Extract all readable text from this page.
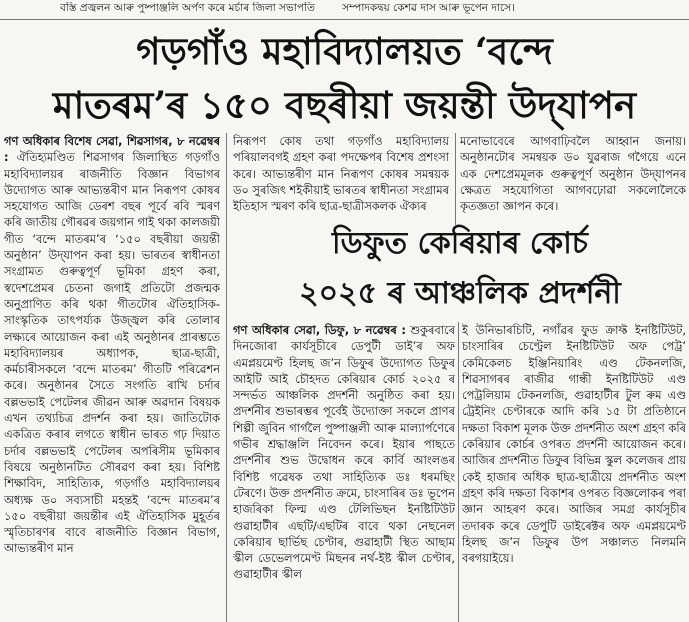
বস্তি প্ৰজ্বলন আৰু পুষ্পাঞ্জলি অৰ্পণ কৰে মৰ্চাৰ জিলা সভাপতি	সম্পাদকদ্বয় কেশৱ দাস আৰু ভূপেন দাসে।
গড়গাঁও মহাবিদ্যালয়ত ‘বন্দে
মাতৰম’ৰ ১৫০ বছৰীয়া জয়ন্তী উদ্‌যাপন

গণ অধিকাৰ বিশেষ সেৱা, শিৱসাগৰ, ৮ নৱেম্বৰ : ঐতিহ্যমণ্ডিত শিৱসাগৰ জিলাস্থিত গড়গাঁও মহাবিদ্যালয়ৰ ৰাজনীতি বিজ্ঞান বিভাগৰ উদ্যোগত আৰু আভ্যন্তৰীণ মান নিৰূপণ কোষৰ সহযোগত আজি ডেৰশ বছৰ পূৰ্বে ৰবি স্মৰণ কৰি জাতীয় গৌৰৱৰ জয়গান গাই থকা কালজয়ী গীত ‘বন্দে মাতৰম’ৰ ‘১৫০ বছৰীয়া জয়ন্তী অনুষ্ঠান’ উদ্‌যাপন কৰা হয়। ভাৰতৰ স্বাধীনতা সংগ্ৰামত গুৰুত্বপূৰ্ণ ভূমিকা গ্ৰহণ কৰা, স্বদেশপ্ৰেমৰ চেতনা জগাই প্ৰতিটো প্ৰজন্মক অনুপ্ৰাণিত কৰি থকা গীতটোৰ ঐতিহাসিক- সাংস্কৃতিক তাৎপৰ্য্যক উজ্জ্বল কৰি তোলাৰ লক্ষ্যৰে আয়োজন কৰা এই অনুষ্ঠানৰ প্ৰাৰম্ভতে মহাবিদ্যালয়ৰ অধ্যাপক, ছাত্ৰ-ছাত্ৰী, কৰ্মচাৰীসকলে ‘বন্দে মাতৰম’ গীতটি পৰিৱেশন কৰে। অনুষ্ঠানৰ সৈতে সংগতি ৰাখি চৰ্দাৰ বল্লভভাই পেটেলৰ জীৱন আৰু অৱদান বিষয়ক এখন তথ্যচিত্ৰ প্ৰদৰ্শন কৰা হয়। জাতিটোক একত্ৰিত কৰাৰ লগতে স্বাধীন ভাৰত গঢ় দিয়াত চৰ্দাৰ বল্লভভাই পেটেলৰ অপৰিসীম ভূমিকাৰ বিষয়ে অনুষ্ঠানটিত সৌৰৱণ কৰা হয়। বিশিষ্ট শিক্ষাবিদ, সাহিত্যিক, গড়গাঁও মহাবিদ্যালয়ৰ অধ্যক্ষ ড০ সব্যসাচী মহন্তই ‘বন্দে মাতৰম’ৰ ১৫০ বছৰীয়া জয়ন্তীৰ এই ঐতিহাসিক মুহূৰ্তৰ স্মৃতিচাৰণৰ বাবে ৰাজনীতি বিজ্ঞান বিভাগ, আভ্যন্তৰীণ মান

নিৰূপণ কোষ তথা গড়গাঁও মহাবিদ্যালয় পৰিয়ালবগই গ্ৰহণ কৰা পদক্ষেপৰ বিশেষ প্ৰশংসা কৰে। আভ্যন্তৰীণ মান নিৰূপণ কোষৰ সমন্বয়ক ড০ সুৰজিৎ শইকীয়াই ভাৰতৰ স্বাধীনতা সংগ্ৰামৰ ইতিহাস স্মৰণ কৰি ছাত্ৰ-ছাত্ৰীসকলক ঐক্যৰ

মনোভাবেৰে আগবাঢ়িবলৈ আহ্বান জনায়। অনুষ্ঠানটোৰ সমন্বয়ক ড০ যুৱৰাজ গগৈয়ে এনে এক দেশপ্ৰেমমূলক গুৰুত্বপূৰ্ণ অনুষ্ঠান উদ্‌যাপনৰ ক্ষেত্ৰত সহযোগিতা আগবঢ়োৱা সকলোলৈকে কৃতজ্ঞতা জ্ঞাপন কৰে।

ডিফুত কেৰিয়াৰ কোৰ্চ
২০২৫ ৰ আঞ্চলিক প্ৰদৰ্শনী

গণ অধিকাৰ সেৱা, ডিফু, ৮ নৱেম্বৰ : শুকুৰবাৰে দিনজোৰা কাৰ্যসূচীৰে ডেপুটী ডাই’ৰ অফ এমপ্লয়মেণ্ট হিলছ জ’ন ডিফুৰ উদ্যোগত ডিফুৰ আইটি আই চৌহদত কেৰিয়াৰ কোৰ্চ ২০২৫ ৰ সন্দৰ্ভত আঞ্চলিক প্ৰদৰ্শনী অনুষ্ঠিত কৰা হয়। প্ৰদৰ্শনীৰ শুভাৰম্ভৰ পূৰ্বেই উদ্যোক্তা সকলে প্ৰাণৰ শিল্পী জুবিন গাৰ্গলৈ পুষ্পাঞ্জলী আৰু মাল্যাৰ্পণেৰে গভীৰ শ্ৰদ্ধাঞ্জলি নিবেদন কৰে। ইয়াৰ পাছতে প্ৰদৰ্শনীৰ শুভ উদ্বোধন কৰে কাৰ্বি আংলঙৰ বিশিষ্ট গৱেষক তথা সাহিত্যিক ডঃ ধৰমছিং টেৰণে। উক্ত প্ৰদৰ্শনীত ক্ৰমে, চাংসাৰিৰ ডঃ ভূপেন হাজৰিকা ফিল্ম এণ্ড টেলিভিছন ইনষ্টিটিউট গুৱাহাটীৰ এছটি/এছটিৰ বাবে থকা নেছনেল কেৰিয়াৰ ছাৰ্ভিছ চেণ্টাৰ, গুৱাহাটী স্থিত আছাম স্কীল ডেভেলপমেণ্ট মিছনৰ নৰ্থ-ইষ্ট স্কীল চেণ্টাৰ, গুৱাহাটীৰ স্কীল

ই উনিভাৰচিটি, নগাঁৱৰ ফুড ক্ৰাফ্ট ইনষ্টিটিউট, চাংসাৰিৰ চেণ্ট্ৰেল ইনষ্টিটিউট অফ পেট্ৰ’ কেমিকেলচ ইঞ্জিনিয়াৰিং এণ্ড টেকনলজি, শিৱসাগৰৰ ৰাজীৱ গান্ধী ইনষ্টিটিউট এণ্ড পেট্ৰলিয়াম টেকনলজি, গুৱাহাটীৰ টুল ৰুম এণ্ড ট্ৰেইনিং চেণ্টাৰকে আদি কৰি ১৫ টা প্ৰতিষ্ঠানে দক্ষতা বিকাশ মূলক উক্ত প্ৰদৰ্শনীত অংশ গ্ৰহণ কৰি কেৰিয়াৰ কোৰ্চৰ ওপৰত প্ৰদৰ্শনী আয়োজন কৰে। আজিৰ প্ৰদৰ্শনীত ডিফুৰ বিভিন্ন স্কুল কলেজৰ প্ৰায় কেই হাজাৰ অধিক ছাত্ৰ-ছাত্ৰীয়ে প্ৰদৰ্শনীত অংশ গ্ৰহণ কৰি দক্ষতা বিকাশৰ ওপৰত বিজ্ঞলোকৰ পৰা জ্ঞান আহৰণ কৰে। আজিৰ সমগ্ৰ কাৰ্যসূচীৰ তদাৰক কৰে ডেপুটি ডাইৰেক্টৰ অফ এমপ্লয়মেণ্ট হিলছ জ’ন ডিফুৰ উপ সঞ্চালত নিলমনি বৰগয়াইয়ে।
